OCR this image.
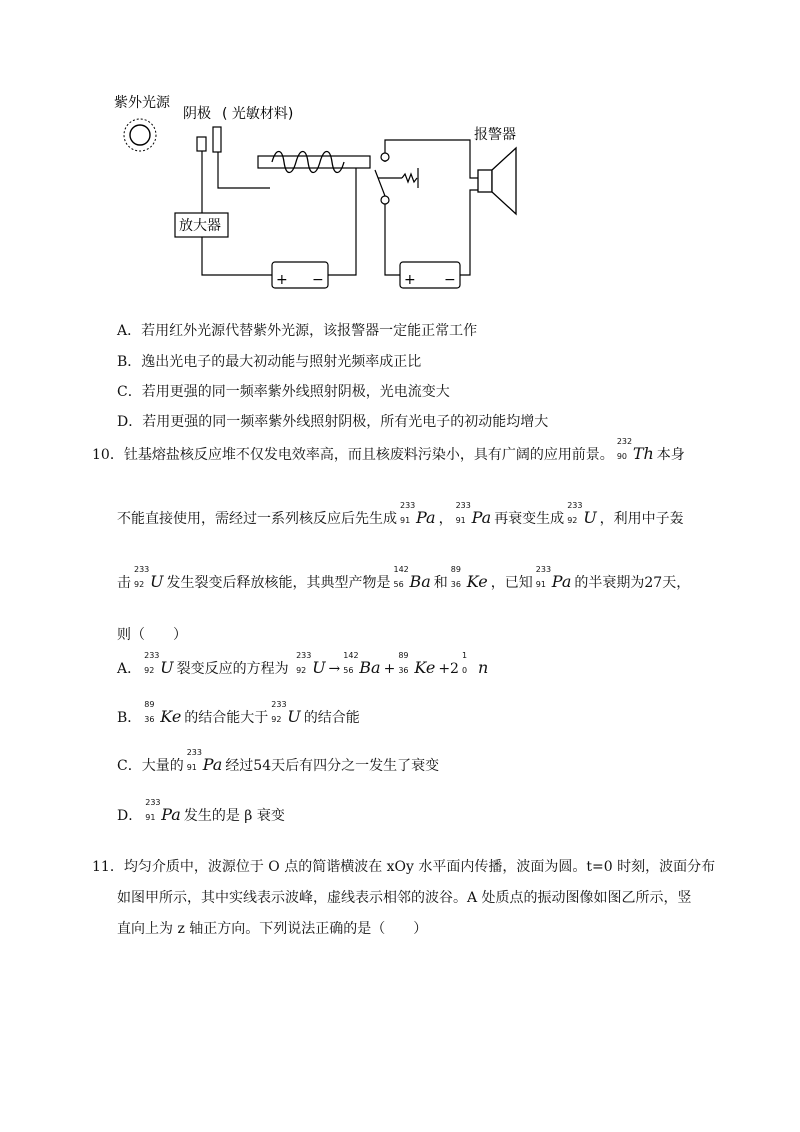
紫外光源
阴极 ( 光敏材料)
报警器
放大器
+ −	+ −
A．若用红外光源代替紫外光源，该报警器一定能正常工作
B．逸出光电子的最大初动能与照射光频率成正比
C．若用更强的同一频率紫外线照射阴极，光电流变大
D．若用更强的同一频率紫外线照射阴极，所有光电子的初动能均增大
10．钍基熔盐核反应堆不仅发电效率高，而且核废料污染小，具有广阔的应用前景。
232
90 Th 本身
不能直接使用，需经过一系列核反应后先生成
233
91 Pa ，
233
91 Pa 再衰变生成
233
92 U ，利用中子轰
击
233
92 U 发生裂变后释放核能，其典型产物是
142
56 Ba 和
89
36 Ke ，已知
233
91 Pa 的半衰期为27天，
则（　　）
A．
233
92 U 裂变反应的方程为
233
92 U →
142
56 Ba +
89
36 Ke +2
1
0 n
B．
89
36 Ke 的结合能大于
233
92 U 的结合能
C．大量的
233
91 Pa 经过54天后有四分之一发生了衰变
D．
233
91 Pa 发生的是 β 衰变
11．均匀介质中，波源位于 O 点的简谐横波在 xOy 水平面内传播，波面为圆。t=0 时刻，波面分布
如图甲所示，其中实线表示波峰，虚线表示相邻的波谷。A 处质点的振动图像如图乙所示，竖
直向上为 z 轴正方向。下列说法正确的是（　　）
